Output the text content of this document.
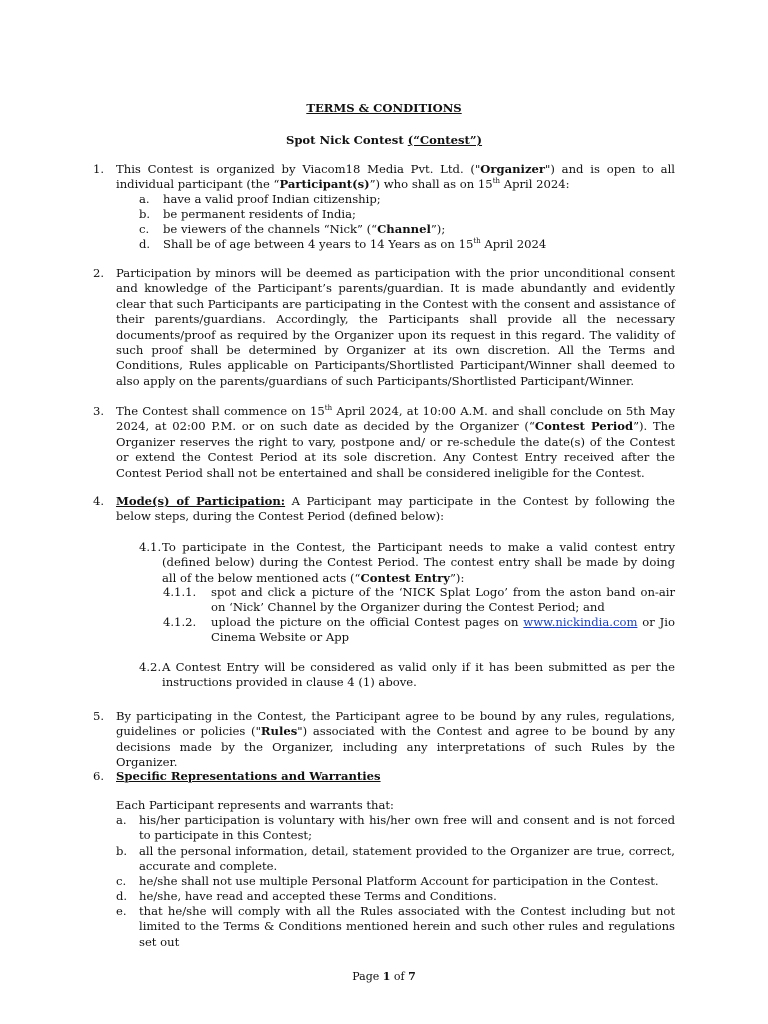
TERMS & CONDITIONS
Spot Nick Contest (“Contest”)
1. This Contest is organized by Viacom18 Media Pvt. Ltd. ("Organizer") and is open to all individual participant (the “Participant(s)”) who shall as on 15th April 2024:
a. have a valid proof Indian citizenship;
b. be permanent residents of India;
c. be viewers of the channels “Nick” (“Channel”);
d. Shall be of age between 4 years to 14 Years as on 15th April 2024
2. Participation by minors will be deemed as participation with the prior unconditional consent and knowledge of the Participant’s parents/guardian. It is made abundantly and evidently clear that such Participants are participating in the Contest with the consent and assistance of their parents/guardians. Accordingly, the Participants shall provide all the necessary documents/proof as required by the Organizer upon its request in this regard. The validity of such proof shall be determined by Organizer at its own discretion. All the Terms and Conditions, Rules applicable on Participants/Shortlisted Participant/Winner shall deemed to also apply on the parents/guardians of such Participants/Shortlisted Participant/Winner.
3. The Contest shall commence on 15th April 2024, at 10:00 A.M. and shall conclude on 5th May 2024, at 02:00 P.M. or on such date as decided by the Organizer (“Contest Period”). The Organizer reserves the right to vary, postpone and/ or re-schedule the date(s) of the Contest or extend the Contest Period at its sole discretion. Any Contest Entry received after the Contest Period shall not be entertained and shall be considered ineligible for the Contest.
4. Mode(s) of Participation: A Participant may participate in the Contest by following the below steps, during the Contest Period (defined below):
4.1. To participate in the Contest, the Participant needs to make a valid contest entry (defined below) during the Contest Period. The contest entry shall be made by doing all of the below mentioned acts (“Contest Entry”):
4.1.1. spot and click a picture of the ‘NICK Splat Logo’ from the aston band on-air on ‘Nick’ Channel by the Organizer during the Contest Period; and
4.1.2. upload the picture on the official Contest pages on www.nickindia.com or Jio Cinema Website or App
4.2. A Contest Entry will be considered as valid only if it has been submitted as per the instructions provided in clause 4 (1) above.
5. By participating in the Contest, the Participant agree to be bound by any rules, regulations, guidelines or policies ("Rules") associated with the Contest and agree to be bound by any decisions made by the Organizer, including any interpretations of such Rules by the Organizer.
6. Specific Representations and Warranties
Each Participant represents and warrants that:
a. his/her participation is voluntary with his/her own free will and consent and is not forced to participate in this Contest;
b. all the personal information, detail, statement provided to the Organizer are true, correct, accurate and complete.
c. he/she shall not use multiple Personal Platform Account for participation in the Contest.
d. he/she, have read and accepted these Terms and Conditions.
e. that he/she will comply with all the Rules associated with the Contest including but not limited to the Terms & Conditions mentioned herein and such other rules and regulations set out
Page 1 of 7
